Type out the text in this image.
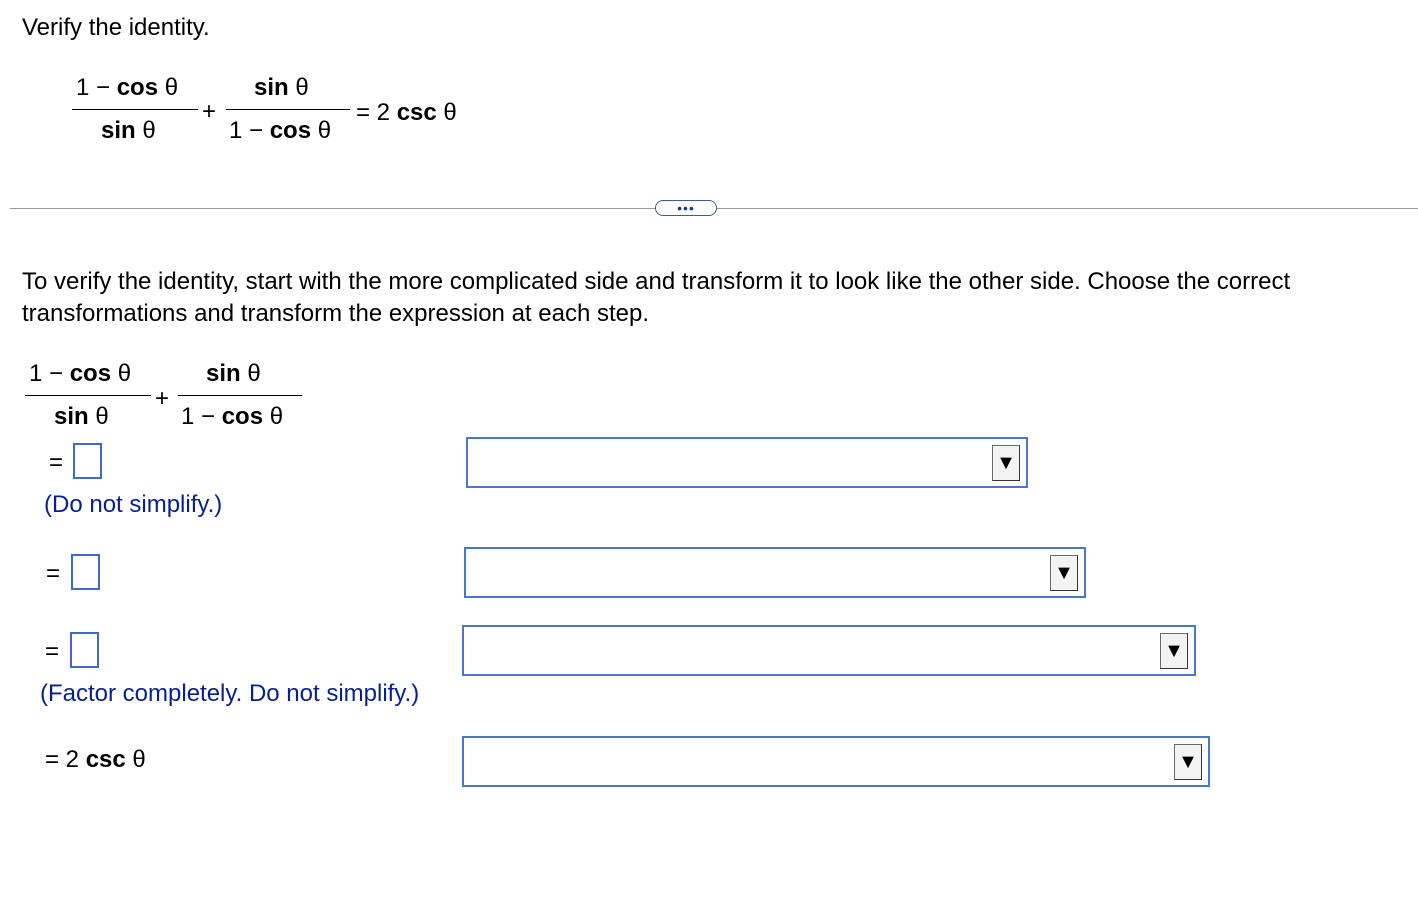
Verify the identity.
1 − cos θ
sin θ
+
sin θ
1 − cos θ
= 2 csc θ
•••
To verify the identity, start with the more complicated side and transform it to look like the other side. Choose the correct transformations and transform the expression at each step.
1 − cos θ
sin θ
+
sin θ
1 − cos θ
=
(Do not simplify.)
▼
=	▼
=
(Factor completely. Do not simplify.)
▼
= 2 csc θ	▼
